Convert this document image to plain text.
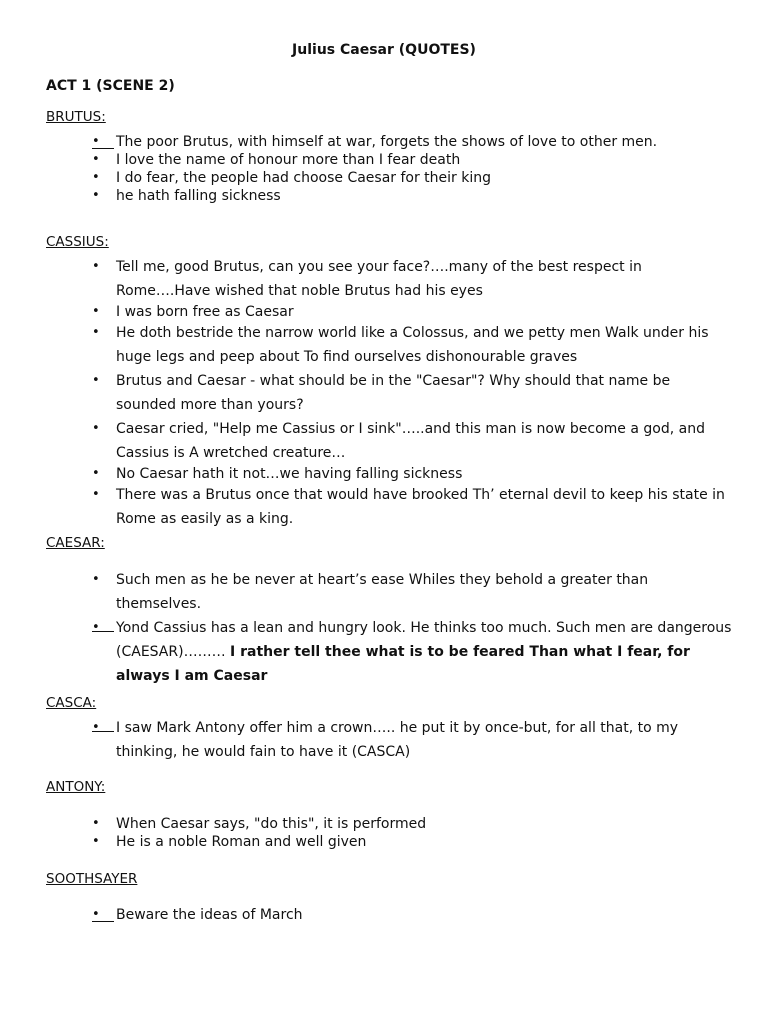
Julius Caesar (QUOTES)
ACT 1 (SCENE 2)
BRUTUS:
•	The poor Brutus, with himself at war, forgets the shows of love to other men.
•	I love the name of honour more than I fear death
•	I do fear, the people had choose Caesar for their king
•	he hath falling sickness
CASSIUS:
•	Tell me, good Brutus, can you see your face?….many of the best respect in Rome….Have wished that noble Brutus had his eyes
•	I was born free as Caesar
•	He doth bestride the narrow world like a Colossus, and we petty men Walk under his huge legs and peep about To find ourselves dishonourable graves
•	Brutus and Caesar - what should be in the "Caesar"? Why should that name be sounded more than yours?
•	Caesar cried, "Help me Cassius or I sink"…..and this man is now become a god, and Cassius is A wretched creature…
•	No Caesar hath it not…we having falling sickness
•	There was a Brutus once that would have brooked Th’ eternal devil to keep his state in Rome as easily as a king.
CAESAR:
•	Such men as he be never at heart’s ease Whiles they behold a greater than themselves.
•	Yond Cassius has a lean and hungry look. He thinks too much. Such men are dangerous (CAESAR)……… I rather tell thee what is to be feared Than what I fear, for always I am Caesar
CASCA:
•	I saw Mark Antony offer him a crown….. he put it by once-but, for all that, to my thinking, he would fain to have it (CASCA)
ANTONY:
•	When Caesar says, "do this", it is performed
•	He is a noble Roman and well given
SOOTHSAYER
•	Beware the ideas of March
